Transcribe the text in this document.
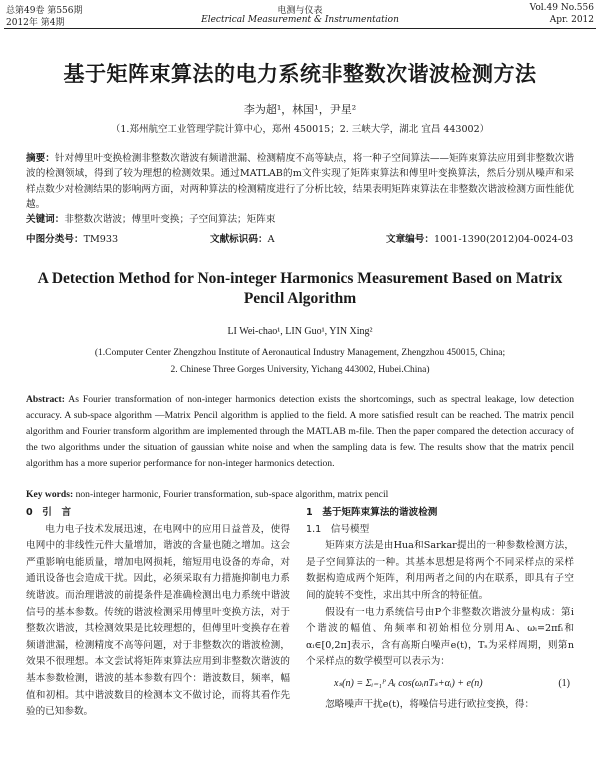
总第49卷 第556期	电测与仪表	Vol.49 No.556
2012年 第4期	Electrical Measurement & Instrumentation	Apr. 2012
基于矩阵束算法的电力系统非整数次谐波检测方法
李为超¹，林国¹，尹星²
（1.郑州航空工业管理学院计算中心，郑州 450015；2. 三峡大学，湖北 宜昌 443002）
摘要：针对傅里叶变换检测非整数次谐波有频谱泄漏、检测精度不高等缺点，将一种子空间算法——矩阵束算法应用到非整数次谐波的检测领域，得到了较为理想的检测效果。通过MATLAB的m文件实现了矩阵束算法和傅里叶变换算法，然后分别从噪声和采样点数少对检测结果的影响两方面，对两种算法的检测精度进行了分析比较，结果表明矩阵束算法在非整数次谐波检测方面性能优越。
关键词：非整数次谐波；傅里叶变换；子空间算法；矩阵束
中图分类号：TM933	文献标识码：A	文章编号：1001-1390(2012)04-0024-03
A Detection Method for Non-integer Harmonics Measurement Based on Matrix
Pencil Algorithm
LI Wei-chao¹, LIN Guo¹, YIN Xing²
(1.Computer Center Zhengzhou Institute of Aeronautical Industry Management, Zhengzhou 450015, China;
2. Chinese Three Gorges University, Yichang 443002, Hubei.China)
Abstract: As Fourier transformation of non-integer harmonics detection exists the shortcomings, such as spectral leakage, low detection accuracy. A sub-space algorithm —Matrix Pencil algorithm is applied to the field. A more satisfied result can be reached. The matrix pencil algorithm and Fourier transform algorithm are implemented through the MATLAB m-file. Then the paper compared the detection accuracy of the two algorithms under the situation of gaussian white noise and when the sampling data is few. The results show that the matrix pencil algorithm has a more superior performance for non-integer harmonics detection.
Key words: non-integer harmonic, Fourier transformation, sub-space algorithm, matrix pencil
0　引　言

电力电子技术发展迅速，在电网中的应用日益普及，使得电网中的非线性元件大量增加，谐波的含量也随之增加。这会严重影响电能质量，增加电网损耗，缩短用电设备的寿命，对通讯设备也会造成干扰。因此，必须采取有力措施抑制电力系统谐波。而治理谐波的前提条件是准确检测出电力系统中谐波信号的基本参数。传统的谐波检测采用傅里叶变换方法，对于整数次谐波，其检测效果是比较理想的，但傅里叶变换存在着频谱泄漏，检测精度不高等问题，对于非整数次的谐波检测，效果不很理想。本文尝试将矩阵束算法应用到非整数次谐波的基本参数检测，谐波的基本参数有四个：谐波数目，频率，幅值和初相。其中谐波数目的检测本文不做讨论，而将其看作先验的已知参数。

1　基于矩阵束算法的谐波检测
1.1　信号模型

矩阵束方法是由Hua和Sarkar提出的一种参数检测方法，是子空间算法的一种。其基本思想是将两个不同采样点的采样数据构造成两个矩阵，利用两者之间的内在联系，即具有子空间的旋转不变性，求出其中所含的特征值。

假设有一电力系统信号由P个非整数次谐波分量构成：第i个谐波的幅值、角频率和初始相位分别用Aᵢ、ωᵢ=2πfᵢ和αᵢ∈[0,2π]表示，含有高斯白噪声e(t)，Tₛ为采样周期，则第n个采样点的数学模型可以表示为：

xₛ(n) = Σᵢ₌₁ᴾ Aᵢ cos(ωᵢnTₛ+αᵢ) + e(n)	(1)

忽略噪声干扰e(t)，将噪信号进行欧拉变换，得：
